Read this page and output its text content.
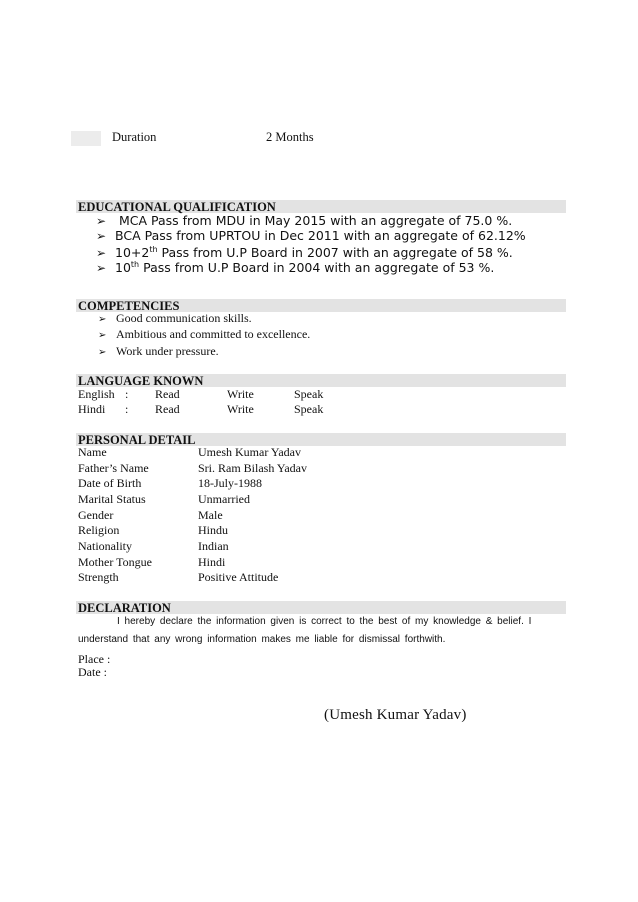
Duration	2 Months
EDUCATIONAL QUALIFICATION
➢ MCA Pass from MDU in May 2015 with an aggregate of 75.0 %.
➢ BCA Pass from UPRTOU in Dec 2011 with an aggregate of 62.12%
➢ 10+2th Pass from U.P Board in 2007 with an aggregate of 58 %.
➢ 10th Pass from U.P Board in 2004 with an aggregate of 53 %.
COMPETENCIES
➢ Good communication skills.
➢ Ambitious and committed to excellence.
➢ Work under pressure.
LANGUAGE KNOWN
English : Read	Write	Speak
Hindi : Read	Write	Speak
PERSONAL DETAIL
Name	Umesh Kumar Yadav
Father’s Name	Sri. Ram Bilash Yadav
Date of Birth	18-July-1988
Marital Status	Unmarried
Gender	Male
Religion	Hindu
Nationality	Indian
Mother Tongue	Hindi
Strength	Positive Attitude
DECLARATION
I hereby declare the information given is correct to the best of my knowledge & belief. I
understand that any wrong information makes me liable for dismissal forthwith.
Place :
Date :
(Umesh Kumar Yadav)
